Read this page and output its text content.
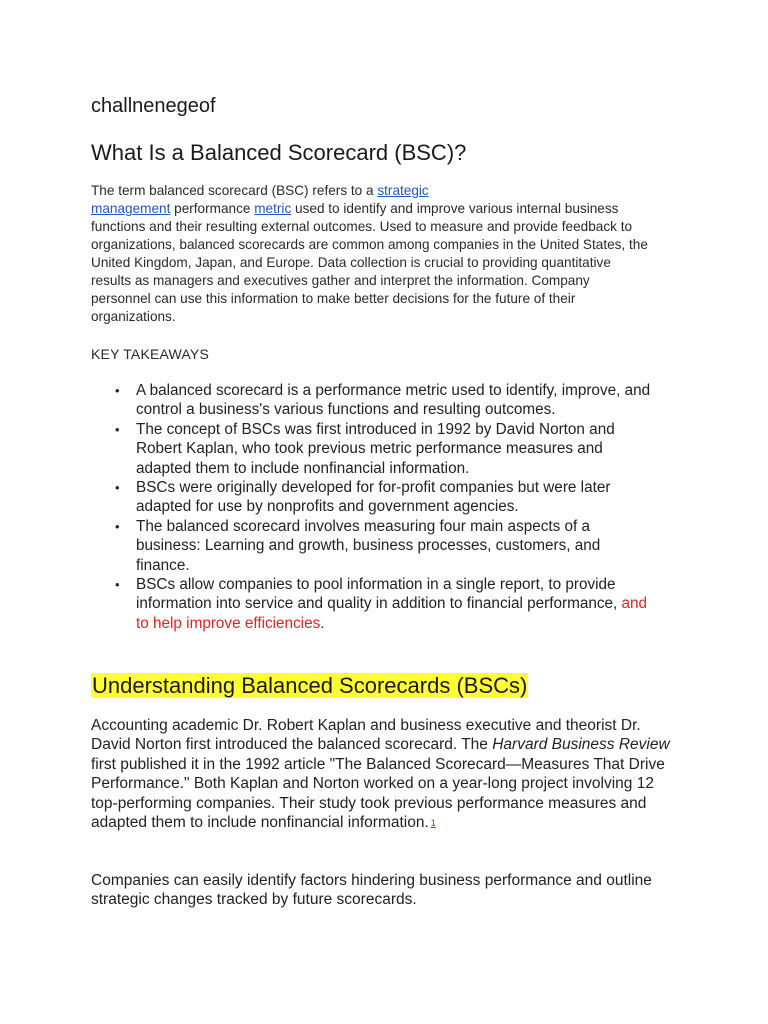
challnenegeof
What Is a Balanced Scorecard (BSC)?

The term balanced scorecard (BSC) refers to a strategic
management performance metric used to identify and improve various internal business functions and their resulting external outcomes. Used to measure and provide feedback to organizations, balanced scorecards are common among companies in the United States, the United Kingdom, Japan, and Europe. Data collection is crucial to providing quantitative results as managers and executives gather and interpret the information. Company personnel can use this information to make better decisions for the future of their organizations.

KEY TAKEAWAYS
• A balanced scorecard is a performance metric used to identify, improve, and control a business's various functions and resulting outcomes.
• The concept of BSCs was first introduced in 1992 by David Norton and Robert Kaplan, who took previous metric performance measures and adapted them to include nonfinancial information.
• BSCs were originally developed for for-profit companies but were later adapted for use by nonprofits and government agencies.
• The balanced scorecard involves measuring four main aspects of a business: Learning and growth, business processes, customers, and finance.
• BSCs allow companies to pool information in a single report, to provide information into service and quality in addition to financial performance, and to help improve efficiencies.
Understanding Balanced Scorecards (BSCs)

Accounting academic Dr. Robert Kaplan and business executive and theorist Dr. David Norton first introduced the balanced scorecard. The Harvard Business Review first published it in the 1992 article "The Balanced Scorecard—Measures That Drive Performance." Both Kaplan and Norton worked on a year-long project involving 12 top-performing companies. Their study took previous performance measures and adapted them to include nonfinancial information. $^1$

Companies can easily identify factors hindering business performance and outline strategic changes tracked by future scorecards.
